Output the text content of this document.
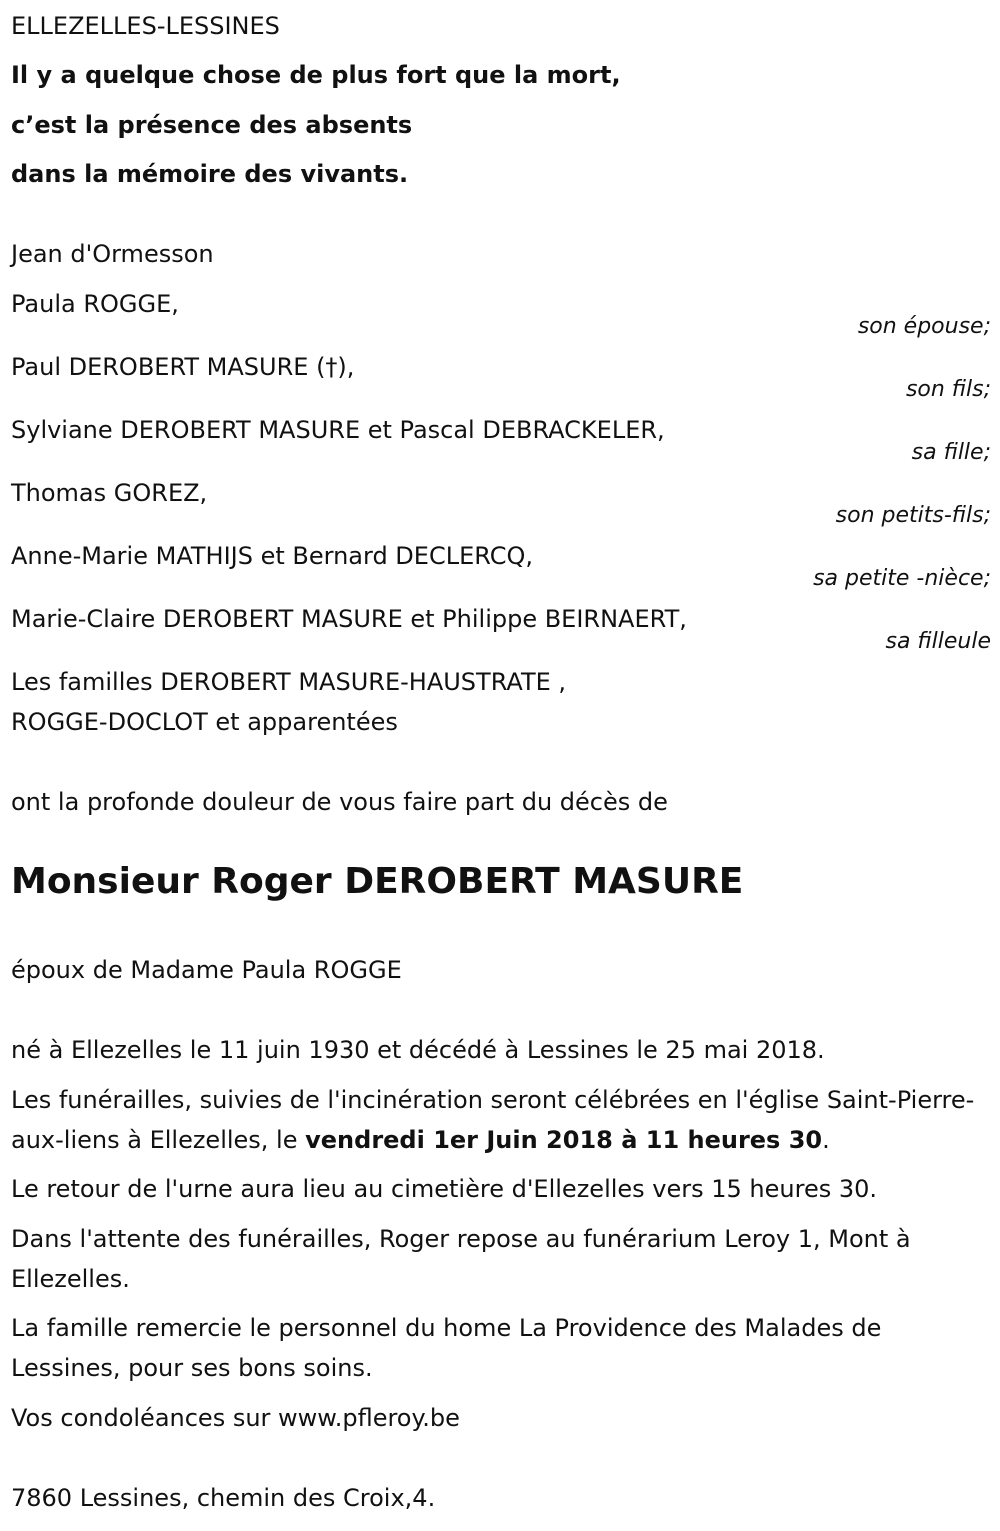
ELLEZELLES-LESSINES
Il y a quelque chose de plus fort que la mort,
c’est la présence des absents
dans la mémoire des vivants.
Jean d'Ormesson
Paula ROGGE,
son épouse;
Paul DEROBERT MASURE (†),
son fils;
Sylviane DEROBERT MASURE et Pascal DEBRACKELER,
sa fille;
Thomas GOREZ,
son petits-fils;
Anne-Marie MATHIJS et Bernard DECLERCQ,
sa petite -nièce;
Marie-Claire DEROBERT MASURE et Philippe BEIRNAERT,
sa filleule
Les familles DEROBERT MASURE-HAUSTRATE ,
ROGGE-DOCLOT et apparentées
ont la profonde douleur de vous faire part du décès de
Monsieur Roger DEROBERT MASURE
époux de Madame Paula ROGGE
né à Ellezelles le 11 juin 1930 et décédé à Lessines le 25 mai 2018.
Les funérailles, suivies de l'incinération seront célébrées en l'église Saint-Pierre-aux-liens à Ellezelles, le vendredi 1er Juin 2018 à 11 heures 30.
Le retour de l'urne aura lieu au cimetière d'Ellezelles vers 15 heures 30.
Dans l'attente des funérailles, Roger repose au funérarium Leroy 1, Mont à Ellezelles.
La famille remercie le personnel du home La Providence des Malades de Lessines, pour ses bons soins.
Vos condoléances sur www.pfleroy.be
7860 Lessines, chemin des Croix,4.
